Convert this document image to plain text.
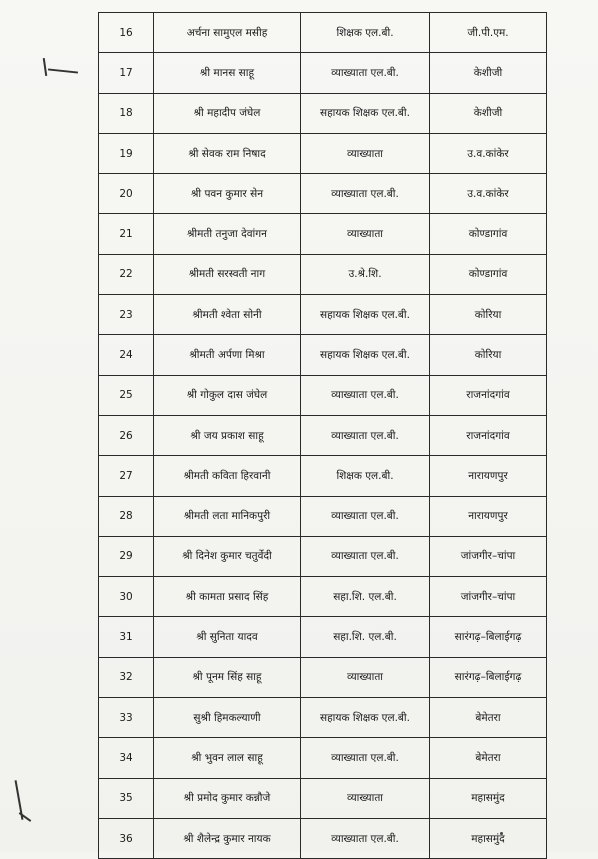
16	अर्चना सामुएल मसीह	शिक्षक एल.बी.	जी.पी.एम.
17	श्री मानस साहू	व्याख्याता एल.बी.	केशीजी
18	श्री महादीप जंघेल	सहायक शिक्षक एल.बी.	केशीजी
19	श्री सेवक राम निषाद	व्याख्याता	उ.व.कांकेर
20	श्री पवन कुमार सेन	व्याख्याता एल.बी.	उ.व.कांकेर
21	श्रीमती तनुजा देवांगन	व्याख्याता	कोण्डागांव
22	श्रीमती सरस्वती नाग	उ.श्रे.शि.	कोण्डागांव
23	श्रीमती श्वेता सोनी	सहायक शिक्षक एल.बी.	कोरिया
24	श्रीमती अर्पणा मिश्रा	सहायक शिक्षक एल.बी.	कोरिया
25	श्री गोकुल दास जंघेल	व्याख्याता एल.बी.	राजनांदगांव
26	श्री जय प्रकाश साहू	व्याख्याता एल.बी.	राजनांदगांव
27	श्रीमती कविता हिरवानी	शिक्षक एल.बी.	नारायणपुर
28	श्रीमती लता मानिकपुरी	व्याख्याता एल.बी.	नारायणपुर
29	श्री दिनेश कुमार चतुर्वेदी	व्याख्याता एल.बी.	जांजगीर–चांपा
30	श्री कामता प्रसाद सिंह	सहा.शि. एल.बी.	जांजगीर–चांपा
31	श्री सुनिता यादव	सहा.शि. एल.बी.	सारंगढ़–बिलाईगढ़
32	श्री पूनम सिंह साहू	व्याख्याता	सारंगढ़–बिलाईगढ़
33	सुश्री हिमकल्याणी	सहायक शिक्षक एल.बी.	बेमेतरा
34	श्री भुवन लाल साहू	व्याख्याता एल.बी.	बेमेतरा
35	श्री प्रमोद कुमार कन्नौजे	व्याख्याता	महासमुंद
36	श्री शैलेन्द्र कुमार नायक	व्याख्याता एल.बी.	महासमुंद
